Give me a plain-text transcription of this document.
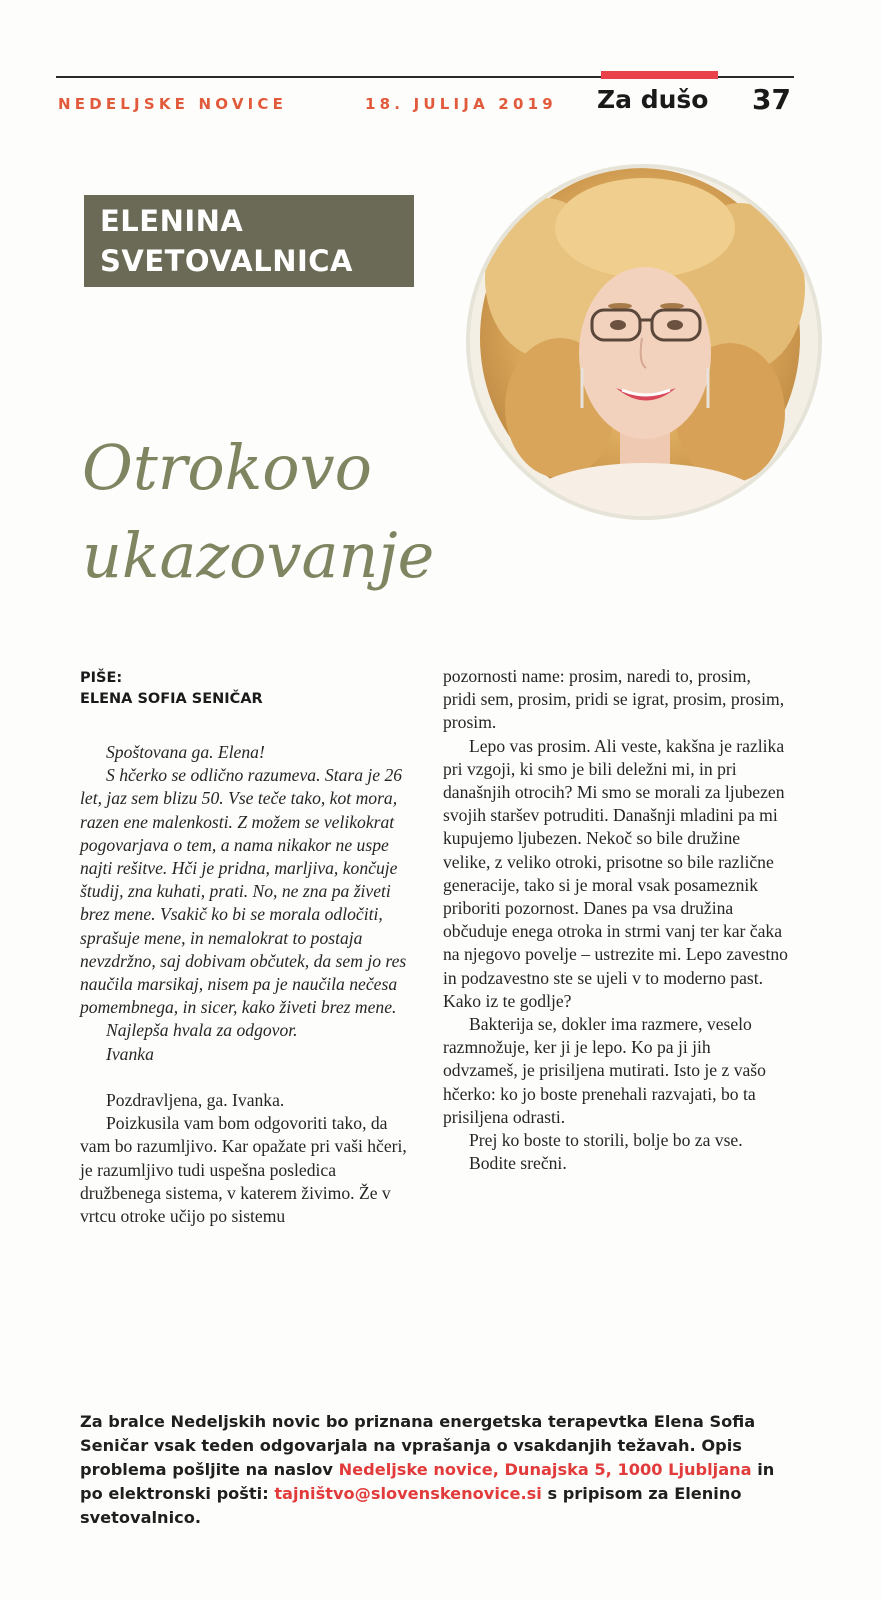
NEDELJSKE NOVICE	18. JULIJA 2019 Za dušo 37
ELENINA
SVETOVALNICA
Otrokovo
ukazovanje
PIŠE:
ELENA SOFIA SENIČAR

Spoštovana ga. Elena!

S hčerko se odlično razumeva. Stara je 26 let, jaz sem blizu 50. Vse teče tako, kot mora, razen ene malenkosti. Z možem se velikokrat pogovarjava o tem, a nama nikakor ne uspe najti rešitve. Hči je pridna, marljiva, končuje študij, zna kuhati, prati. No, ne zna pa živeti brez mene. Vsakič ko bi se morala odločiti, sprašuje mene, in nemalokrat to postaja nevzdržno, saj dobivam občutek, da sem jo res naučila marsikaj, nisem pa je naučila nečesa pomembnega, in sicer, kako živeti brez mene.

Najlepša hvala za odgovor.

Ivanka

Pozdravljena, ga. Ivanka.

Poizkusila vam bom odgovoriti tako, da vam bo razumljivo. Kar opažate pri vaši hčeri, je razumljivo tudi uspešna posledica družbenega sistema, v katerem živimo. Že v vrtcu otroke učijo po sistemu

pozornosti name: prosim, naredi to, prosim, pridi sem, prosim, pridi se igrat, prosim, prosim, prosim.

Lepo vas prosim. Ali veste, kakšna je razlika pri vzgoji, ki smo je bili deležni mi, in pri današnjih otrocih? Mi smo se morali za ljubezen svojih staršev potruditi. Današnji mladini pa mi kupujemo ljubezen. Nekoč so bile družine velike, z veliko otroki, prisotne so bile različne generacije, tako si je moral vsak posameznik priboriti pozornost. Danes pa vsa družina občuduje enega otroka in strmi vanj ter kar čaka na njegovo povelje – ustrezite mi. Lepo zavestno in podzavestno ste se ujeli v to moderno past. Kako iz te godlje?

Bakterija se, dokler ima razmere, veselo razmnožuje, ker ji je lepo. Ko pa ji jih odvzameš, je prisiljena mutirati. Isto je z vašo hčerko: ko jo boste prenehali razvajati, bo ta prisiljena odrasti.

Prej ko boste to storili, bolje bo za vse.

Bodite srečni.

Za bralce Nedeljskih novic bo priznana energetska terapevtka Elena Sofia Seničar vsak teden odgovarjala na vprašanja o vsakdanjih težavah. Opis problema pošljite na naslov Nedeljske novice, Dunajska 5, 1000 Ljubljana in po elektronski pošti: tajništvo@slovenskenovice.si s pripisom za Elenino svetovalnico.
